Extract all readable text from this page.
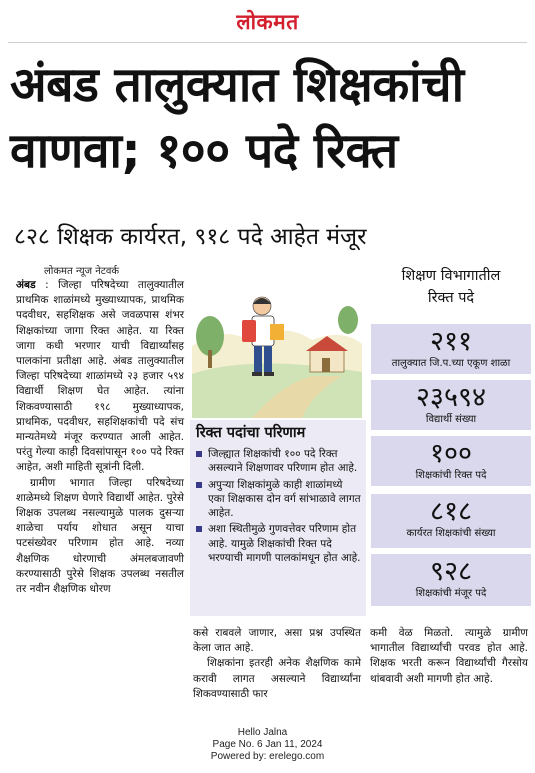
लोकमत
अंबड तालुक्यात शिक्षकांची
वाणवा; १०० पदे रिक्त
८२८ शिक्षक कार्यरत, ९१८ पदे आहेत मंजूर
लोकमत न्यूज नेटवर्क

अंबड : जिल्हा परिषदेच्या तालुक्यातील प्राथमिक शाळांमध्ये मुख्याध्यापक, प्राथमिक पदवीधर, सहशिक्षक असे जवळपास शंभर शिक्षकांच्या जागा रिक्त आहेत. या रिक्त जागा कधी भरणार याची विद्यार्थ्यांसह पालकांना प्रतीक्षा आहे. अंबड तालुक्यातील जिल्हा परिषदेच्या शाळांमध्ये २३ हजार ५९४ विद्यार्थी शिक्षण घेत आहेत. त्यांना शिकवण्यासाठी १९८ मुख्याध्यापक, प्राथमिक, पदवीधर, सहशिक्षकांची पदे संच मान्यतेमध्ये मंजूर करण्यात आली आहेत. परंतु गेल्या काही दिवसांपासून १०० पदे रिक्त आहेत, अशी माहिती सूत्रांनी दिली.

ग्रामीण भागात जिल्हा परिषदेच्या शाळेमध्ये शिक्षण घेणारे विद्यार्थी आहेत. पुरेसे शिक्षक उपलब्ध नसल्यामुळे पालक दुसऱ्या शाळेचा पर्याय शोधात असून याचा पटसंख्येवर परिणाम होत आहे. नव्या शैक्षणिक धोरणाची अंमलबजावणी करण्यासाठी पुरेसे शिक्षक उपलब्ध नसतील तर नवीन शैक्षणिक धोरण

रिक्त पदांचा परिणाम
जिल्ह्यात शिक्षकांची १०० पदे रिक्त असल्याने शिक्षणावर परिणाम होत आहे.
अपुऱ्या शिक्षकांमुळे काही शाळांमध्ये एका शिक्षकास दोन वर्ग सांभाळावे लागत आहेत.
अशा स्थितीमुळे गुणवत्तेवर परिणाम होत आहे. यामुळे शिक्षकांची रिक्त पदे भरण्याची मागणी पालकांमधून होत आहे.
शिक्षण विभागातील
रिक्त पदे
२११
तालुक्यात जि.प.च्या एकूण शाळा
२३५९४
विद्यार्थी संख्या
१००
शिक्षकांची रिक्त पदे
८१८
कार्यरत शिक्षकांची संख्या
९२८
शिक्षकांची मंजूर पदे

कसे राबवले जाणार, असा प्रश्न उपस्थित केला जात आहे.

शिक्षकांना इतरही अनेक शैक्षणिक कामे करावी लागत असल्याने विद्यार्थ्यांना शिकवण्यासाठी फार

कमी वेळ मिळतो. त्यामुळे ग्रामीण भागातील विद्यार्थ्यांची परवड होत आहे. शिक्षक भरती करून विद्यार्थ्यांची गैरसोय थांबवावी अशी मागणी होत आहे.

Hello Jalna
Page No. 6 Jan 11, 2024
Powered by: erelego.com
